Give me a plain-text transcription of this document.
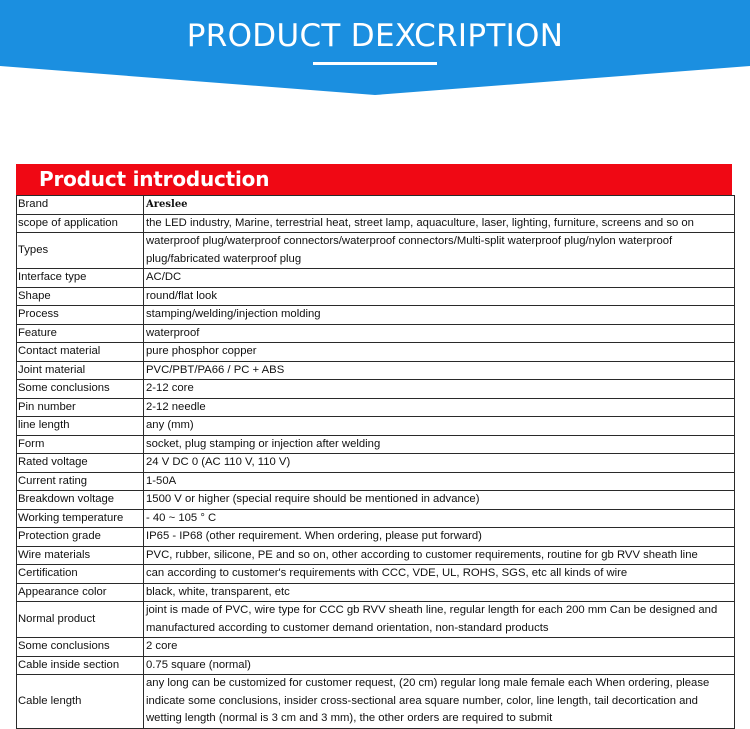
PRODUCT DEXCRIPTION
Product introduction
Brand	Areslee
scope of application	the LED industry, Marine, terrestrial heat, street lamp, aquaculture, laser, lighting, furniture, screens and so on
Types	waterproof plug/waterproof connectors/waterproof connectors/Multi-split waterproof plug/nylon waterproof plug/fabricated waterproof plug
Interface type	AC/DC
Shape	round/flat look
Process	stamping/welding/injection molding
Feature	waterproof
Contact material	pure phosphor copper
Joint material	PVC/PBT/PA66 / PC + ABS
Some conclusions	2-12 core
Pin number	2-12 needle
line length	any (mm)
Form	socket, plug stamping or injection after welding
Rated voltage	24 V DC 0 (AC 110 V, 110 V)
Current rating	1-50A
Breakdown voltage	1500 V or higher (special require should be mentioned in advance)
Working temperature	- 40 ~ 105 ° C
Protection grade	IP65 - IP68 (other requirement. When ordering, please put forward)
Wire materials	PVC, rubber, silicone, PE and so on, other according to customer requirements, routine for gb RVV sheath line
Certification	can according to customer's requirements with CCC, VDE, UL, ROHS, SGS, etc all kinds of wire
Appearance color	black, white, transparent, etc
Normal product	joint is made of PVC, wire type for CCC gb RVV sheath line, regular length for each 200 mm Can be designed and manufactured according to customer demand orientation, non-standard products
Some conclusions	2 core
Cable inside section	0.75 square (normal)
Cable length	any long can be customized for customer request, (20 cm) regular long male female each When ordering, please indicate some conclusions, insider cross-sectional area square number, color, line length, tail decortication and wetting length (normal is 3 cm and 3 mm), the other orders are required to submit
